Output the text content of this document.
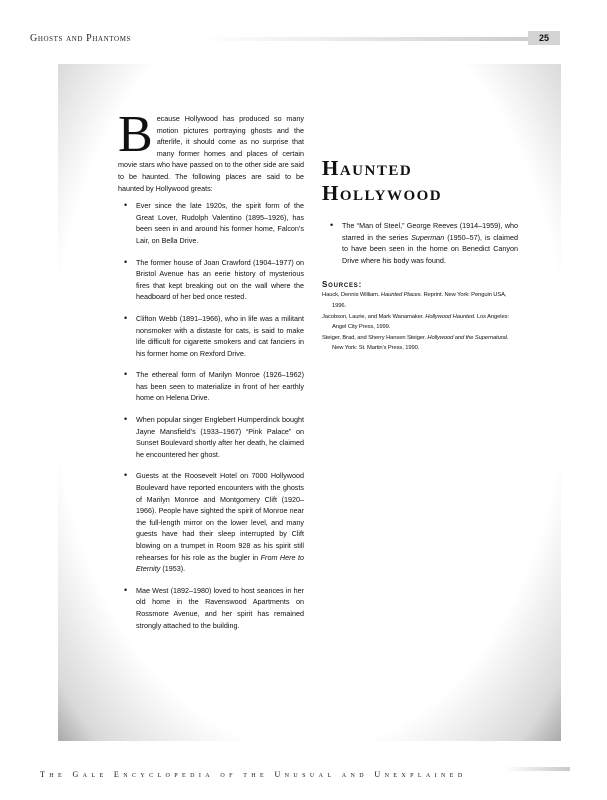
Ghosts and Phantoms	25

Because Hollywood has produced so many motion pictures portraying ghosts and the afterlife, it should come as no surprise that many former homes and places of certain movie stars who have passed on to the other side are said to be haunted. The following places are said to be haunted by Hollywood greats:

• Ever since the late 1920s, the spirit form of the Great Lover, Rudolph Valentino (1895–1926), has been seen in and around his former home, Falcon’s Lair, on Bella Drive.
• The former house of Joan Crawford (1904–1977) on Bristol Avenue has an eerie history of mysterious fires that kept breaking out on the wall where the headboard of her bed once rested.
• Clifton Webb (1891–1966), who in life was a militant nonsmoker with a distaste for cats, is said to make life difficult for cigarette smokers and cat fanciers in his former home on Rexford Drive.
• The ethereal form of Marilyn Monroe (1926–1962) has been seen to materialize in front of her earthly home on Helena Drive.
• When popular singer Englebert Humperdinck bought Jayne Mansfield’s (1933–1967) “Pink Palace” on Sunset Boulevard shortly after her death, he claimed he encountered her ghost.
• Guests at the Roosevelt Hotel on 7000 Hollywood Boulevard have reported encounters with the ghosts of Marilyn Monroe and Montgomery Clift (1920–1966). People have sighted the spirit of Monroe near the full-length mirror on the lower level, and many guests have had their sleep interrupted by Clift blowing on a trumpet in Room 928 as his spirit still rehearses for his role as the bugler in From Here to Eternity (1953).
• Mae West (1892–1980) loved to host seances in her old home in the Ravenswood Apartments on Rossmore Avenue, and her spirit has remained strongly attached to the building.
Haunted
Hollywood
• The “Man of Steel,” George Reeves (1914–1959), who starred in the series Superman (1950–57), is claimed to have been seen in the home on Benedict Canyon Drive where his body was found.
Sources:
Hauck, Dennis William. Haunted Places. Reprint. New York: Penguin USA, 1996.
Jacobson, Laurie, and Mark Wanamaker. Hollywood Haunted. Los Angeles: Angel City Press, 1999.
Steiger, Brad, and Sherry Hansen Steiger. Hollywood and the Supernatural. New York: St. Martin’s Press, 1990.
The Gale Encyclopedia of the Unusual and Unexplained
